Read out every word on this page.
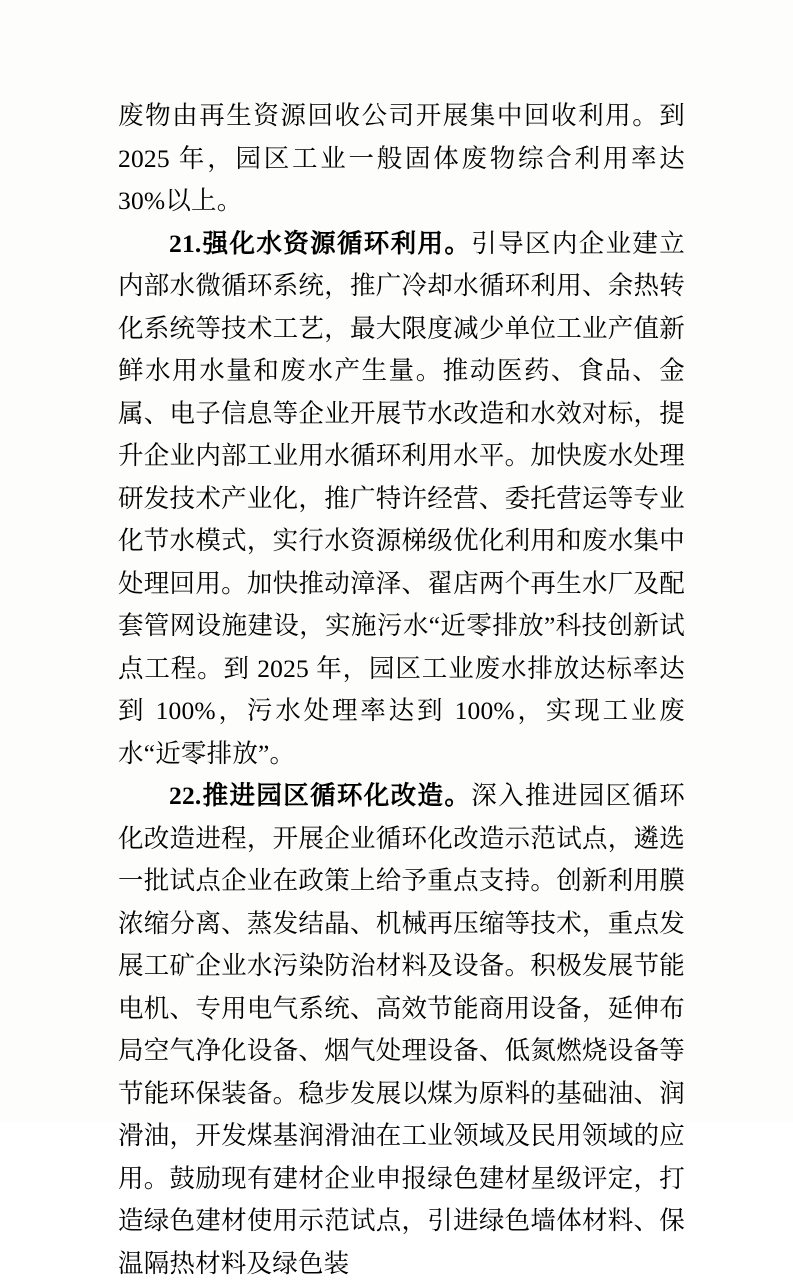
废物由再生资源回收公司开展集中回收利用。到 2025 年，园区工业一般固体废物综合利用率达 30%以上。

21.强化水资源循环利用。引导区内企业建立内部水微循环系统，推广冷却水循环利用、余热转化系统等技术工艺，最大限度减少单位工业产值新鲜水用水量和废水产生量。推动医药、食品、金属、电子信息等企业开展节水改造和水效对标，提升企业内部工业用水循环利用水平。加快废水处理研发技术产业化，推广特许经营、委托营运等专业化节水模式，实行水资源梯级优化利用和废水集中处理回用。加快推动漳泽、翟店两个再生水厂及配套管网设施建设，实施污水“近零排放”科技创新试点工程。到 2025 年，园区工业废水排放达标率达到 100%，污水处理率达到 100%，实现工业废水“近零排放”。

22.推进园区循环化改造。深入推进园区循环化改造进程，开展企业循环化改造示范试点，遴选一批试点企业在政策上给予重点支持。创新利用膜浓缩分离、蒸发结晶、机械再压缩等技术，重点发展工矿企业水污染防治材料及设备。积极发展节能电机、专用电气系统、高效节能商用设备，延伸布局空气净化设备、烟气处理设备、低氮燃烧设备等节能环保装备。稳步发展以煤为原料的基础油、润滑油，开发煤基润滑油在工业领域及民用领域的应用。鼓励现有建材企业申报绿色建材星级评定，打造绿色建材使用示范试点，引进绿色墙体材料、保温隔热材料及绿色装
